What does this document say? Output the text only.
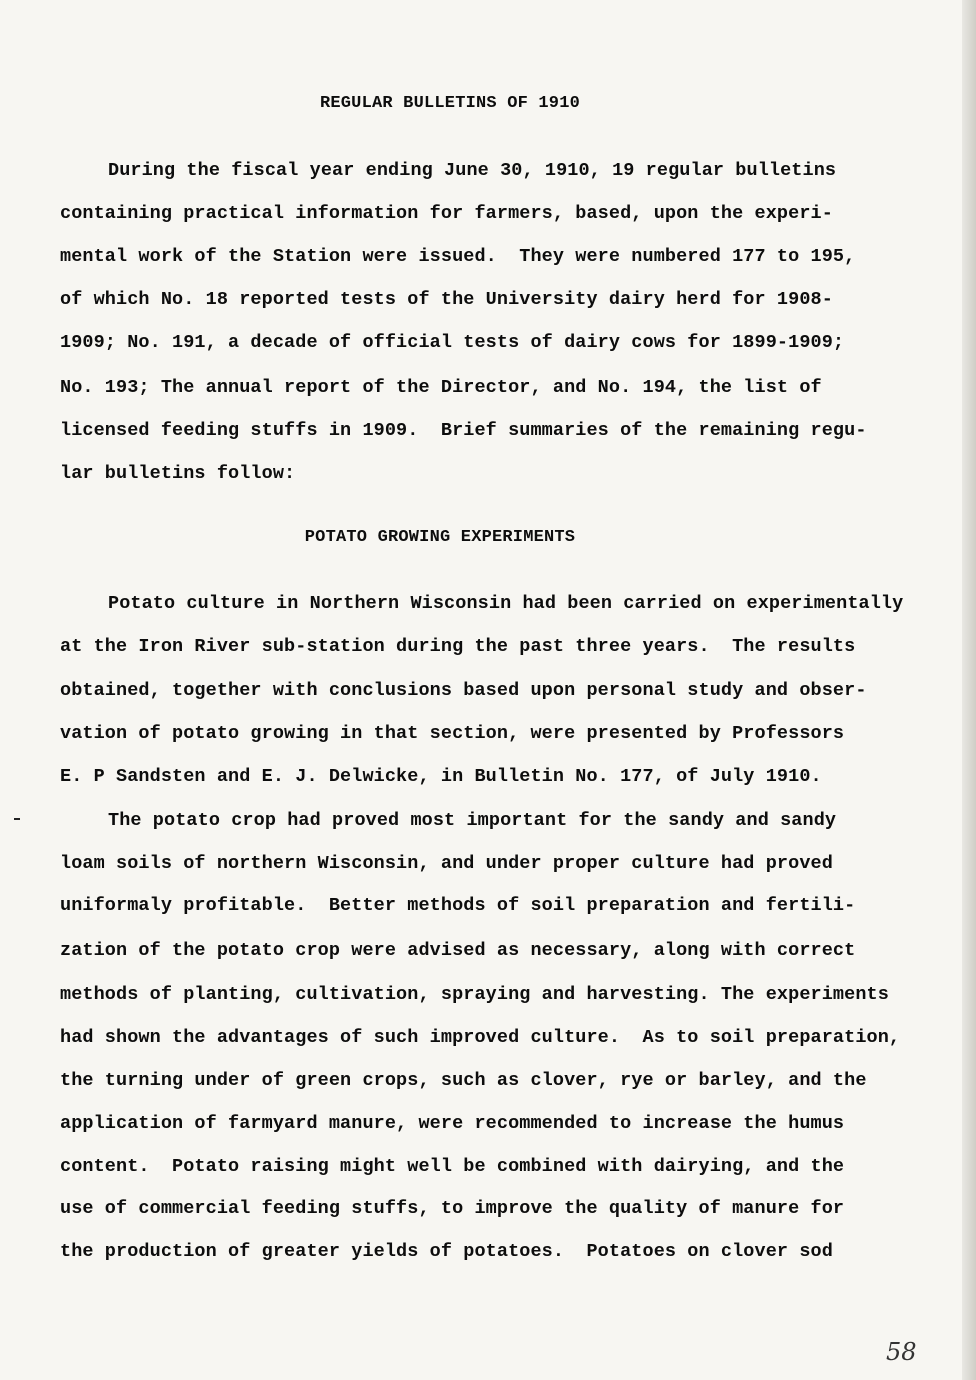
REGULAR BULLETINS OF 1910
During the fiscal year ending June 30, 1910, 19 regular bulletins
containing practical information for farmers, based, upon the experi-
mental work of the Station were issued.  They were numbered 177 to 195,
of which No. 18 reported tests of the University dairy herd for 1908-
1909; No. 191, a decade of official tests of dairy cows for 1899-1909;
No. 193; The annual report of the Director, and No. 194, the list of
licensed feeding stuffs in 1909.  Brief summaries of the remaining regu-
lar bulletins follow:
POTATO GROWING EXPERIMENTS
Potato culture in Northern Wisconsin had been carried on experimentally
at the Iron River sub-station during the past three years.  The results
obtained, together with conclusions based upon personal study and obser-
vation of potato growing in that section, were presented by Professors
E. P Sandsten and E. J. Delwicke, in Bulletin No. 177, of July 1910.
The potato crop had proved most important for the sandy and sandy
loam soils of northern Wisconsin, and under proper culture had proved
uniformaly profitable.  Better methods of soil preparation and fertili-
zation of the potato crop were advised as necessary, along with correct
methods of planting, cultivation, spraying and harvesting. The experiments
had shown the advantages of such improved culture.  As to soil preparation,
the turning under of green crops, such as clover, rye or barley, and the
application of farmyard manure, were recommended to increase the humus
content.  Potato raising might well be combined with dairying, and the
use of commercial feeding stuffs, to improve the quality of manure for
the production of greater yields of potatoes.  Potatoes on clover sod
58
